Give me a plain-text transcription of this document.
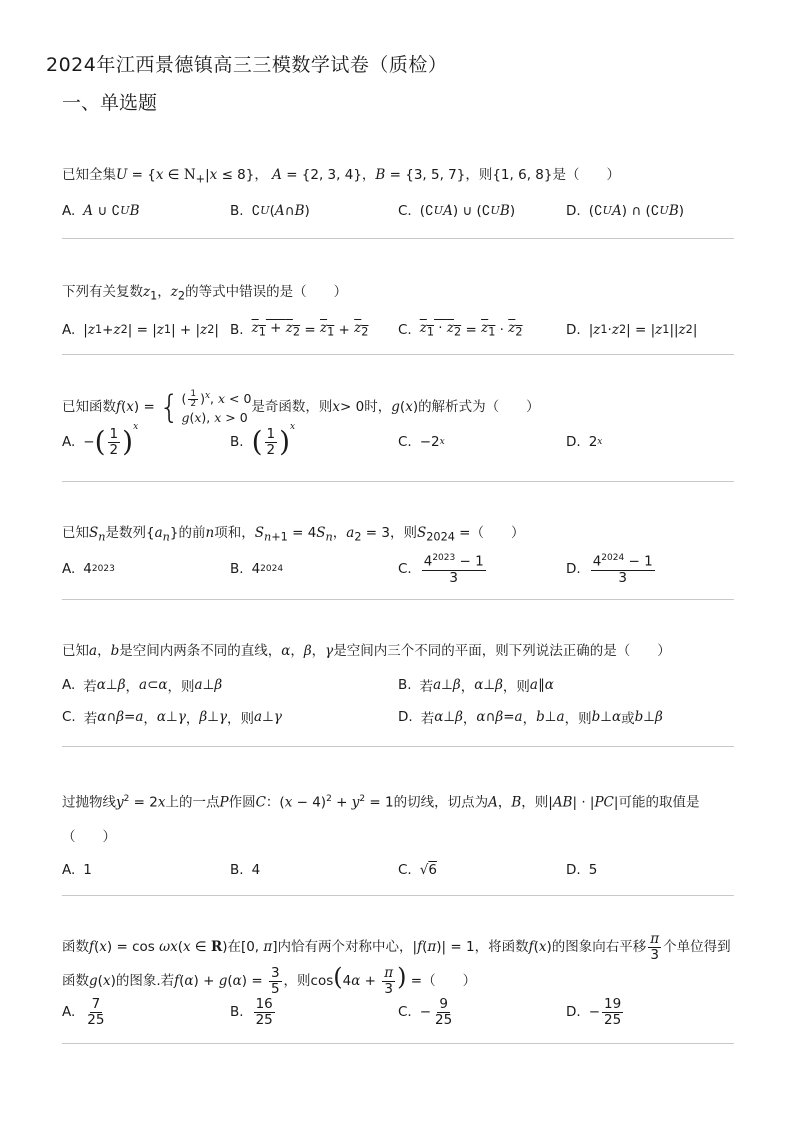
2024年江西景德镇高三三模数学试卷（质检）
一、单选题
已知全集U = {x ∈ $N_+|x \le 8$}， A = {2, 3, 4}，B = {3, 5, 7}，则{1, 6, 8}是（　　）
A. A ∪ ∁ U B	B. ∁ U ( A ∩ B )	C. (∁ U A ) ∪ (∁ U B )	D. (∁ U A ) ∩ (∁ U B )
下列有关复数$z_1$，$z_2$的等式中错误的是（　　）
A. | z 1 + z 2 | = | z 1 | + | z 2 | B. $z_1 + z_2 = z_1 + z_2$ C. $z_1 \cdot z_2 = z_1 \cdot z_2$	D. | z 1 · z 2 | = | z 1 || z 2 |
已知函数 f ( x ) = { ( $\frac{1}{2} )^x$, x < 0
g(x), x > 0
是奇函数，则 x > 0时， g ( x )的解析式为（　　）
A. − ( $\frac{1}{2} )^x$
B. ( $\frac{1}{2} )^x$
C. −2 x	D. 2 x
已知$S_n$是数列$\{a_n\}$的前n项和，$S_{n+1} = 4S_n$，$a_2 = 3$，则$S_{2024}$ =（　　）
A. 4 2023	B. 4 2024	C. $\frac{4^{2023} - 1}{3}$	D. $\frac{4^{2024} - 1}{3}$
已知a，b是空间内两条不同的直线，α，β，γ是空间内三个不同的平面，则下列说法正确的是（　　）
A. 若 α ⊥ β ， a ⊂ α ，则 a ⊥ β	B. 若 a ⊥ β ， α ⊥ β ，则 a ∥ α
C. 若 α ∩ β = a ， α ⊥ γ ， β ⊥ γ ，则 a ⊥ γ	D. 若 α ⊥ β ， α ∩ β = a ， b ⊥ a ，则 b ⊥ α 或 b ⊥ β
过抛物线$y^2 = 2x$上的一点P作圆C：$(x - 4)^2 + y^2 = 1$的切线，切点为A，B，则|AB| · |PC|可能的取值是（　　）
A. 1	B. 4	C. √ 6	D. 5
函数f(x) = cos ωx(x ∈ R)在[0, π]内恰有两个对称中心，|f(π)| = 1，将函数f(x)的图象向右平移 $\frac{\pi}{3}$ 个单位得到函数g(x)的图象.若$f(\alpha) + g(\alpha) = \frac{3}{5}$ ，则$\cos(4\alpha + \frac{\pi}{3}$ ) =（　　）
A. $\frac{7}{25}$	B. $\frac{16}{25}$	C. − $\frac{9}{25}$	D. − $\frac{19}{25}$
